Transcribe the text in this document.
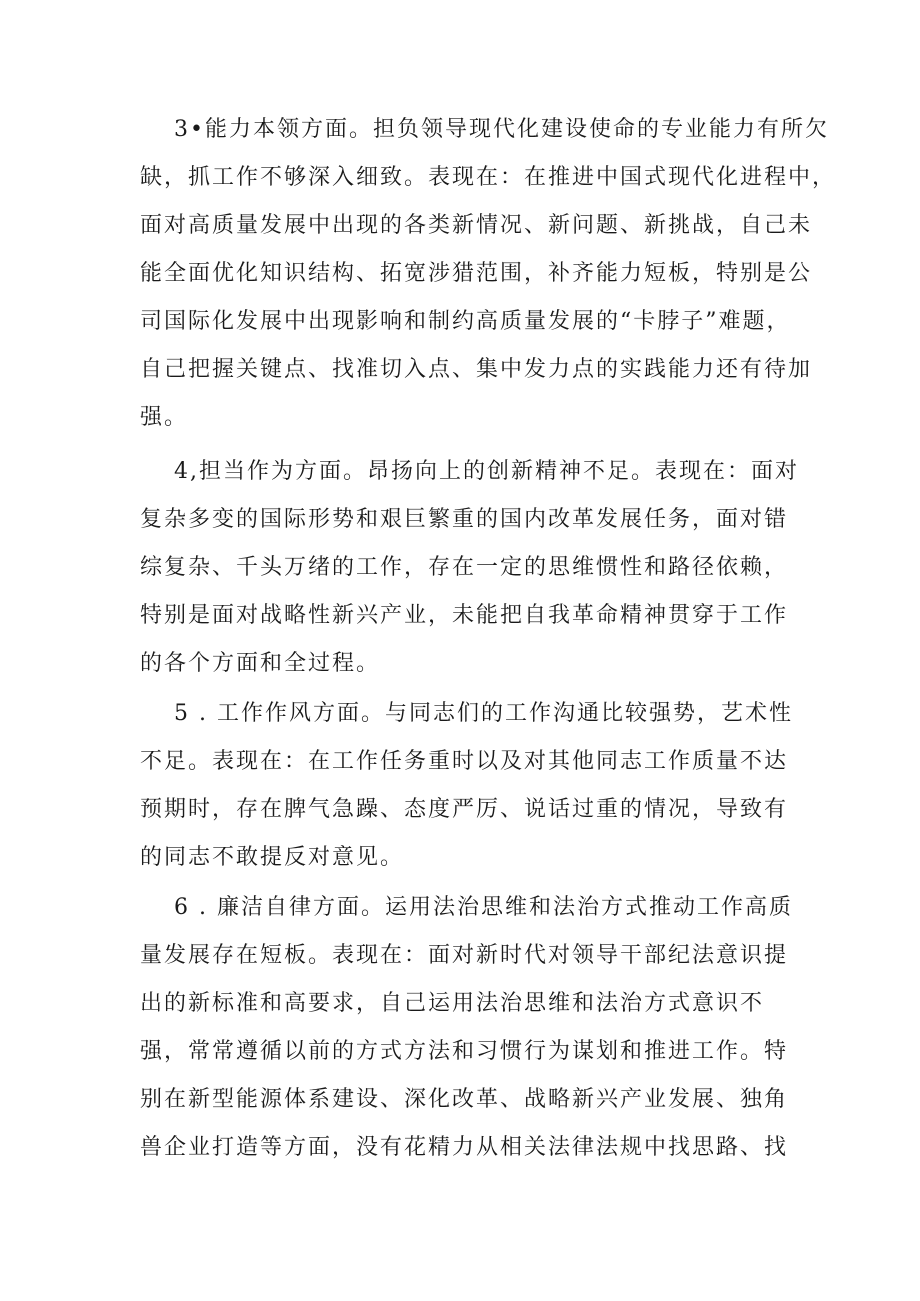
3•能力本领方面。担负领导现代化建设使命的专业能力有所欠
缺，抓工作不够深入细致。表现在：在推进中国式现代化进程中，
面对高质量发展中出现的各类新情况、新问题、新挑战，自己未
能全面优化知识结构、拓宽涉猎范围，补齐能力短板，特别是公
司国际化发展中出现影响和制约高质量发展的“卡脖子”难题，
自己把握关键点、找准切入点、集中发力点的实践能力还有待加
强。
4,担当作为方面。昂扬向上的创新精神不足。表现在：面对
复杂多变的国际形势和艰巨繁重的国内改革发展任务，面对错
综复杂、千头万绪的工作，存在一定的思维惯性和路径依赖，
特别是面对战略性新兴产业，未能把自我革命精神贯穿于工作
的各个方面和全过程。
5 . 工作作风方面。与同志们的工作沟通比较强势，艺术性
不足。表现在：在工作任务重时以及对其他同志工作质量不达
预期时，存在脾气急躁、态度严厉、说话过重的情况，导致有
的同志不敢提反对意见。
6 . 廉洁自律方面。运用法治思维和法治方式推动工作高质
量发展存在短板。表现在：面对新时代对领导干部纪法意识提
出的新标准和高要求，自己运用法治思维和法治方式意识不
强，常常遵循以前的方式方法和习惯行为谋划和推进工作。特
别在新型能源体系建设、深化改革、战略新兴产业发展、独角
兽企业打造等方面，没有花精力从相关法律法规中找思路、找
